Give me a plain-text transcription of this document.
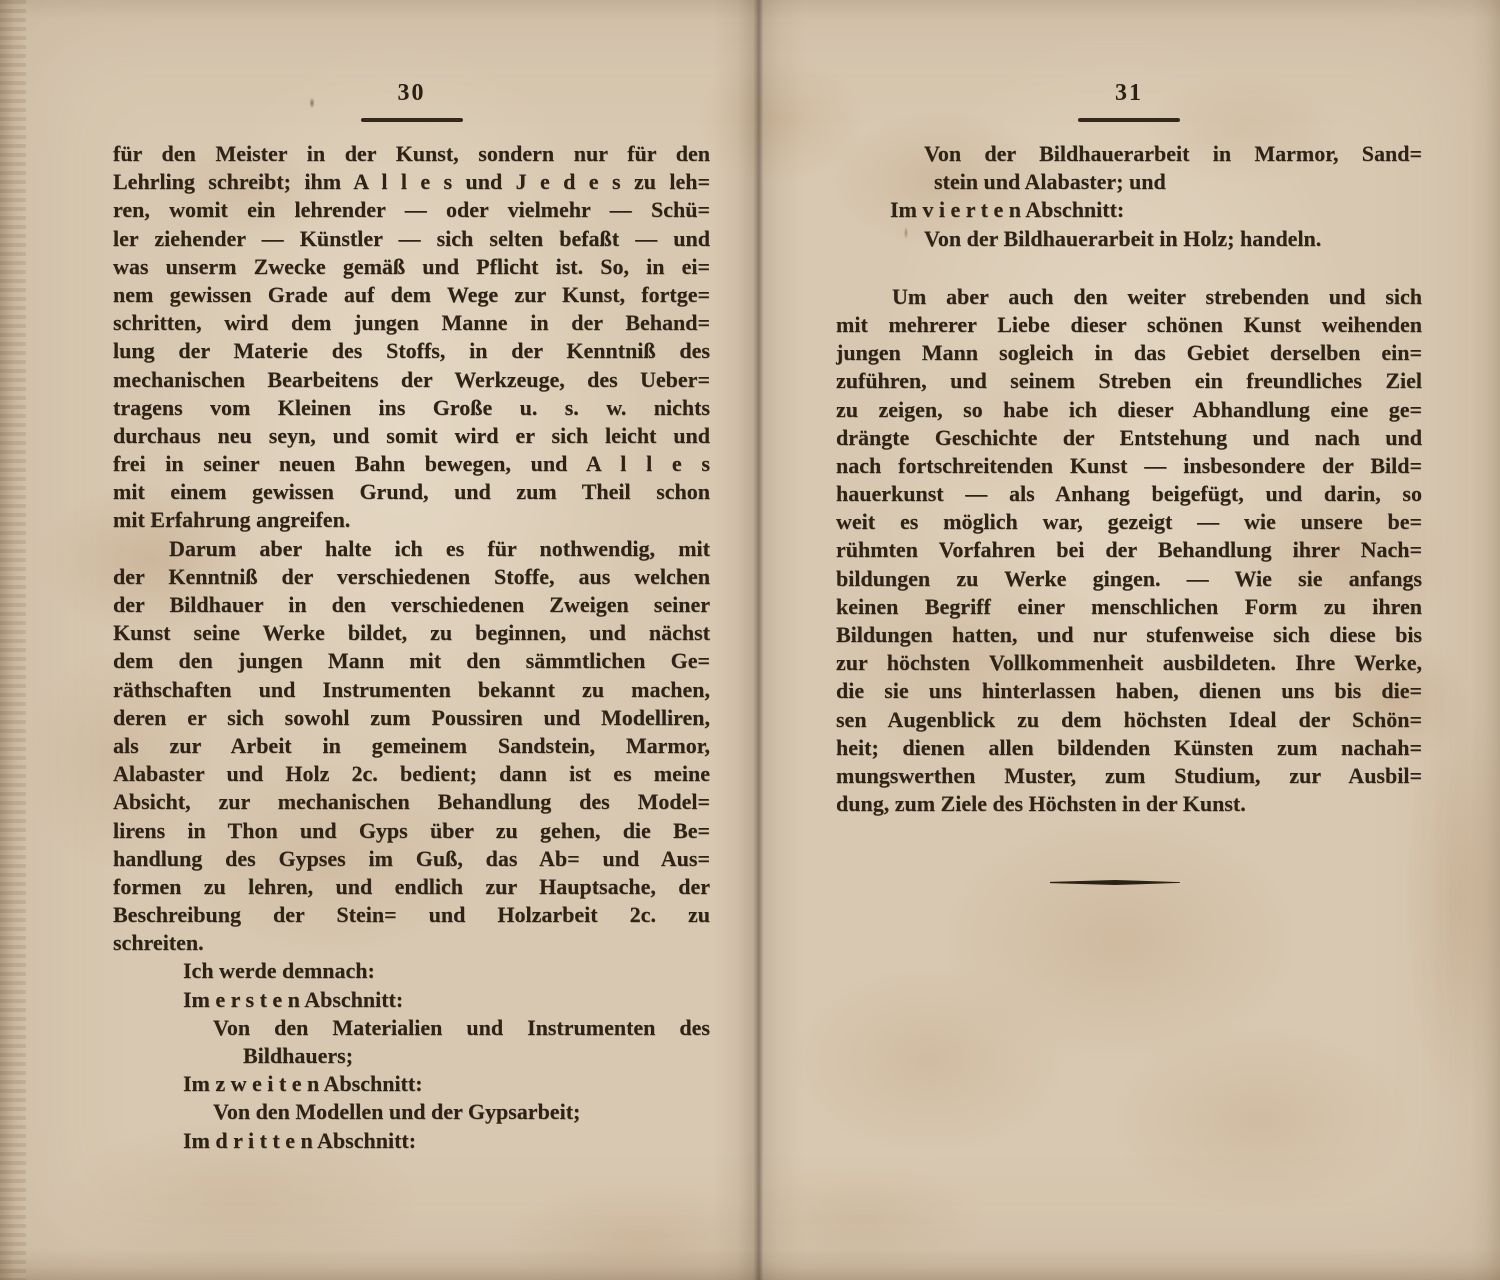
30
für den Meister in der Kunst, sondern nur für den
Lehrling schreibt; ihm A l l e s und J e d e s zu leh=
ren, womit ein lehrender — oder vielmehr — Schü=
ler ziehender — Künstler — sich selten befaßt — und
was unserm Zwecke gemäß und Pflicht ist. So, in ei=
nem gewissen Grade auf dem Wege zur Kunst, fortge=
schritten, wird dem jungen Manne in der Behand=
lung der Materie des Stoffs, in der Kenntniß des
mechanischen Bearbeitens der Werkzeuge, des Ueber=
tragens vom Kleinen ins Große u. s. w. nichts
durchaus neu seyn, und somit wird er sich leicht und
frei in seiner neuen Bahn bewegen, und A l l e s
mit einem gewissen Grund, und zum Theil schon
mit Erfahrung angreifen.
Darum aber halte ich es für nothwendig, mit
der Kenntniß der verschiedenen Stoffe, aus welchen
der Bildhauer in den verschiedenen Zweigen seiner
Kunst seine Werke bildet, zu beginnen, und nächst
dem den jungen Mann mit den sämmtlichen Ge=
räthschaften und Instrumenten bekannt zu machen,
deren er sich sowohl zum Poussiren und Modelliren,
als zur Arbeit in gemeinem Sandstein, Marmor,
Alabaster und Holz 2c. bedient; dann ist es meine
Absicht, zur mechanischen Behandlung des Model=
lirens in Thon und Gyps über zu gehen, die Be=
handlung des Gypses im Guß, das Ab= und Aus=
formen zu lehren, und endlich zur Hauptsache, der
Beschreibung der Stein= und Holzarbeit 2c. zu
schreiten.
Ich werde demnach:
Im e r s t e n Abschnitt:
Von den Materialien und Instrumenten des
Bildhauers;
Im z w e i t e n Abschnitt:
Von den Modellen und der Gypsarbeit;
Im d r i t t e n Abschnitt:
31
Von der Bildhauerarbeit in Marmor, Sand=
stein und Alabaster; und
Im v i e r t e n Abschnitt:
Von der Bildhauerarbeit in Holz; handeln.
Um aber auch den weiter strebenden und sich
mit mehrerer Liebe dieser schönen Kunst weihenden
jungen Mann sogleich in das Gebiet derselben ein=
zuführen, und seinem Streben ein freundliches Ziel
zu zeigen, so habe ich dieser Abhandlung eine ge=
drängte Geschichte der Entstehung und nach und
nach fortschreitenden Kunst — insbesondere der Bild=
hauerkunst — als Anhang beigefügt, und darin, so
weit es möglich war, gezeigt — wie unsere be=
rühmten Vorfahren bei der Behandlung ihrer Nach=
bildungen zu Werke gingen. — Wie sie anfangs
keinen Begriff einer menschlichen Form zu ihren
Bildungen hatten, und nur stufenweise sich diese bis
zur höchsten Vollkommenheit ausbildeten. Ihre Werke,
die sie uns hinterlassen haben, dienen uns bis die=
sen Augenblick zu dem höchsten Ideal der Schön=
heit; dienen allen bildenden Künsten zum nachah=
mungswerthen Muster, zum Studium, zur Ausbil=
dung, zum Ziele des Höchsten in der Kunst.
